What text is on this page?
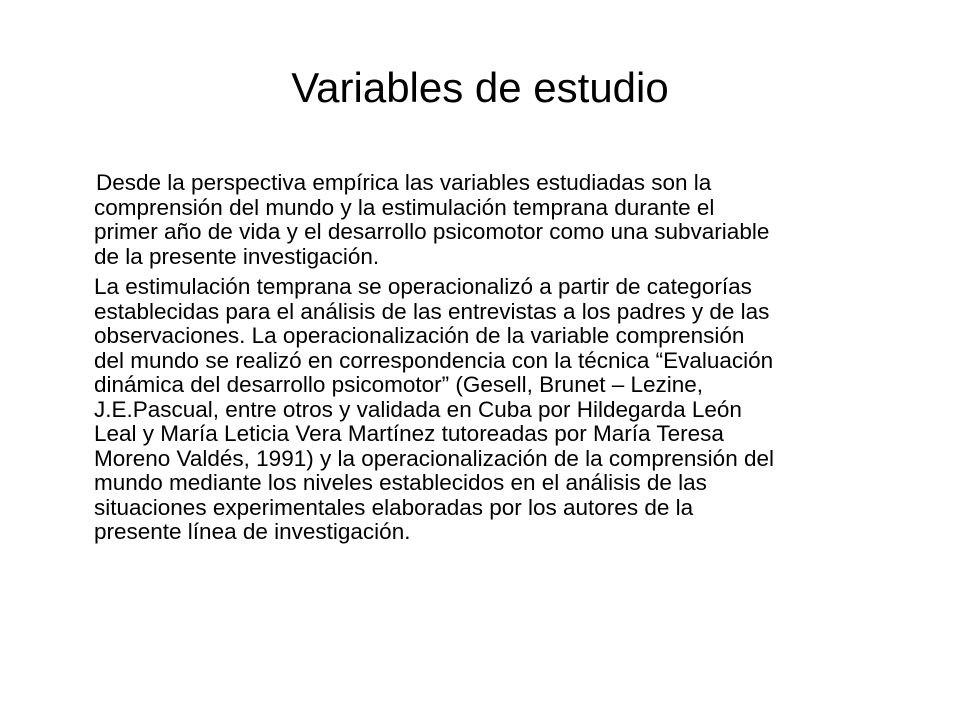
Variables de estudio
Desde la perspectiva empírica las variables estudiadas son la
comprensión del mundo y la estimulación temprana durante el
primer año de vida y el desarrollo psicomotor como una subvariable
de la presente investigación.
La estimulación temprana se operacionalizó a partir de categorías
establecidas para el análisis de las entrevistas a los padres y de las
observaciones. La operacionalización de la variable comprensión
del mundo se realizó en correspondencia con la técnica “Evaluación
dinámica del desarrollo psicomotor” (Gesell, Brunet – Lezine,
J.E.Pascual, entre otros y validada en Cuba por Hildegarda León
Leal y María Leticia Vera Martínez tutoreadas por María Teresa
Moreno Valdés, 1991) y la operacionalización de la comprensión del
mundo mediante los niveles establecidos en el análisis de las
situaciones experimentales elaboradas por los autores de la
presente línea de investigación.
